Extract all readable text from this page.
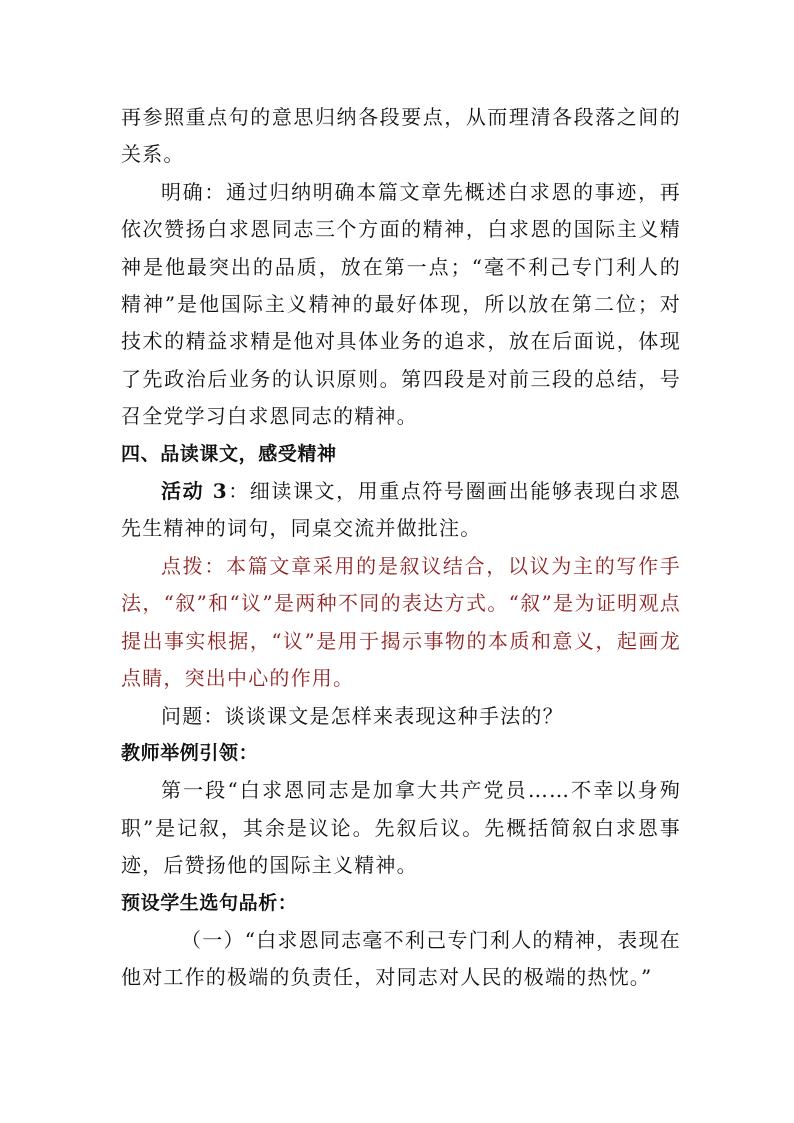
再参照重点句的意思归纳各段要点，从而理清各段落之间的关系。

明确：通过归纳明确本篇文章先概述白求恩的事迹，再依次赞扬白求恩同志三个方面的精神，白求恩的国际主义精神是他最突出的品质，放在第一点；“毫不利己专门利人的精神”是他国际主义精神的最好体现，所以放在第二位；对技术的精益求精是他对具体业务的追求，放在后面说，体现了先政治后业务的认识原则。第四段是对前三段的总结，号召全党学习白求恩同志的精神。

四、品读课文，感受精神

活动 3：细读课文，用重点符号圈画出能够表现白求恩先生精神的词句，同桌交流并做批注。

点拨：本篇文章采用的是叙议结合，以议为主的写作手法，“叙”和“议”是两种不同的表达方式。“叙”是为证明观点提出事实根据，“议”是用于揭示事物的本质和意义，起画龙点睛，突出中心的作用。

问题：谈谈课文是怎样来表现这种手法的？

教师举例引领：

第一段“白求恩同志是加拿大共产党员……不幸以身殉职”是记叙，其余是议论。先叙后议。先概括简叙白求恩事迹，后赞扬他的国际主义精神。

预设学生选句品析：

（一）“白求恩同志毫不利己专门利人的精神，表现在他对工作的极端的负责任，对同志对人民的极端的热忱。”
